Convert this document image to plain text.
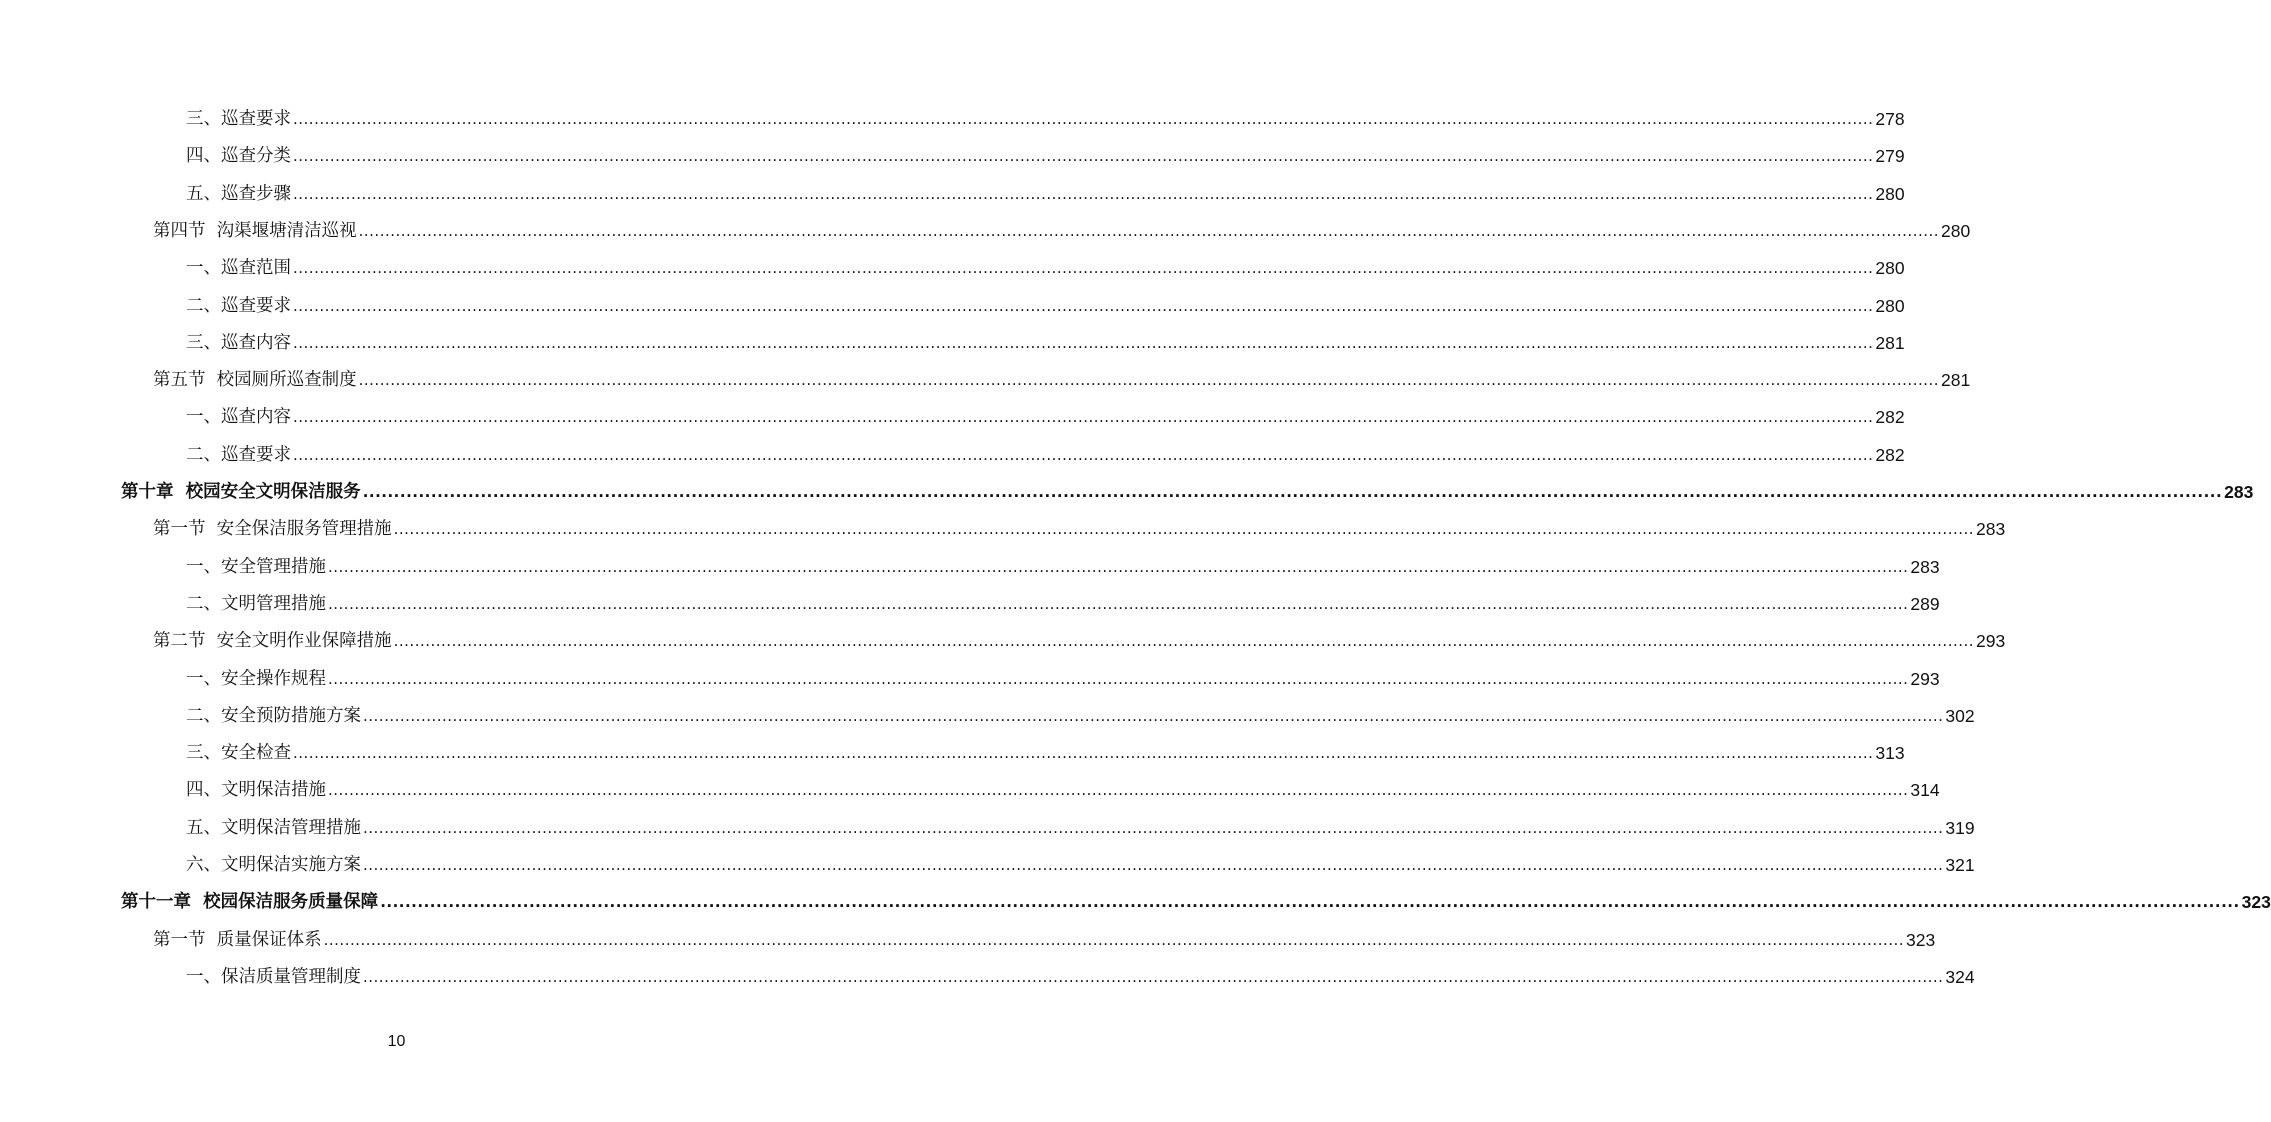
三、巡查要求 ............................................................................................................................................................................................................................................................................................................ 278
四、巡查分类 ............................................................................................................................................................................................................................................................................................................ 279
五、巡查步骤 ............................................................................................................................................................................................................................................................................................................ 280
第四节  沟渠堰塘清洁巡视 ............................................................................................................................................................................................................................................................................................................ 280
一、巡查范围 ............................................................................................................................................................................................................................................................................................................ 280
二、巡查要求 ............................................................................................................................................................................................................................................................................................................ 280
三、巡查内容 ............................................................................................................................................................................................................................................................................................................ 281
第五节  校园厕所巡查制度 ............................................................................................................................................................................................................................................................................................................ 281
一、巡查内容 ............................................................................................................................................................................................................................................................................................................ 282
二、巡查要求 ............................................................................................................................................................................................................................................................................................................ 282
第十章  校园安全文明保洁服务 ............................................................................................................................................................................................................................................................................................................ 283
第一节  安全保洁服务管理措施 ............................................................................................................................................................................................................................................................................................................ 283
一、安全管理措施 ............................................................................................................................................................................................................................................................................................................ 283
二、文明管理措施 ............................................................................................................................................................................................................................................................................................................ 289
第二节  安全文明作业保障措施 ............................................................................................................................................................................................................................................................................................................ 293
一、安全操作规程 ............................................................................................................................................................................................................................................................................................................ 293
二、安全预防措施方案 ............................................................................................................................................................................................................................................................................................................ 302
三、安全检查 ............................................................................................................................................................................................................................................................................................................ 313
四、文明保洁措施 ............................................................................................................................................................................................................................................................................................................ 314
五、文明保洁管理措施 ............................................................................................................................................................................................................................................................................................................ 319
六、文明保洁实施方案 ............................................................................................................................................................................................................................................................................................................ 321
第十一章  校园保洁服务质量保障 ............................................................................................................................................................................................................................................................................................................ 323
第一节  质量保证体系 ............................................................................................................................................................................................................................................................................................................ 323
一、保洁质量管理制度 ............................................................................................................................................................................................................................................................................................................ 324
10
